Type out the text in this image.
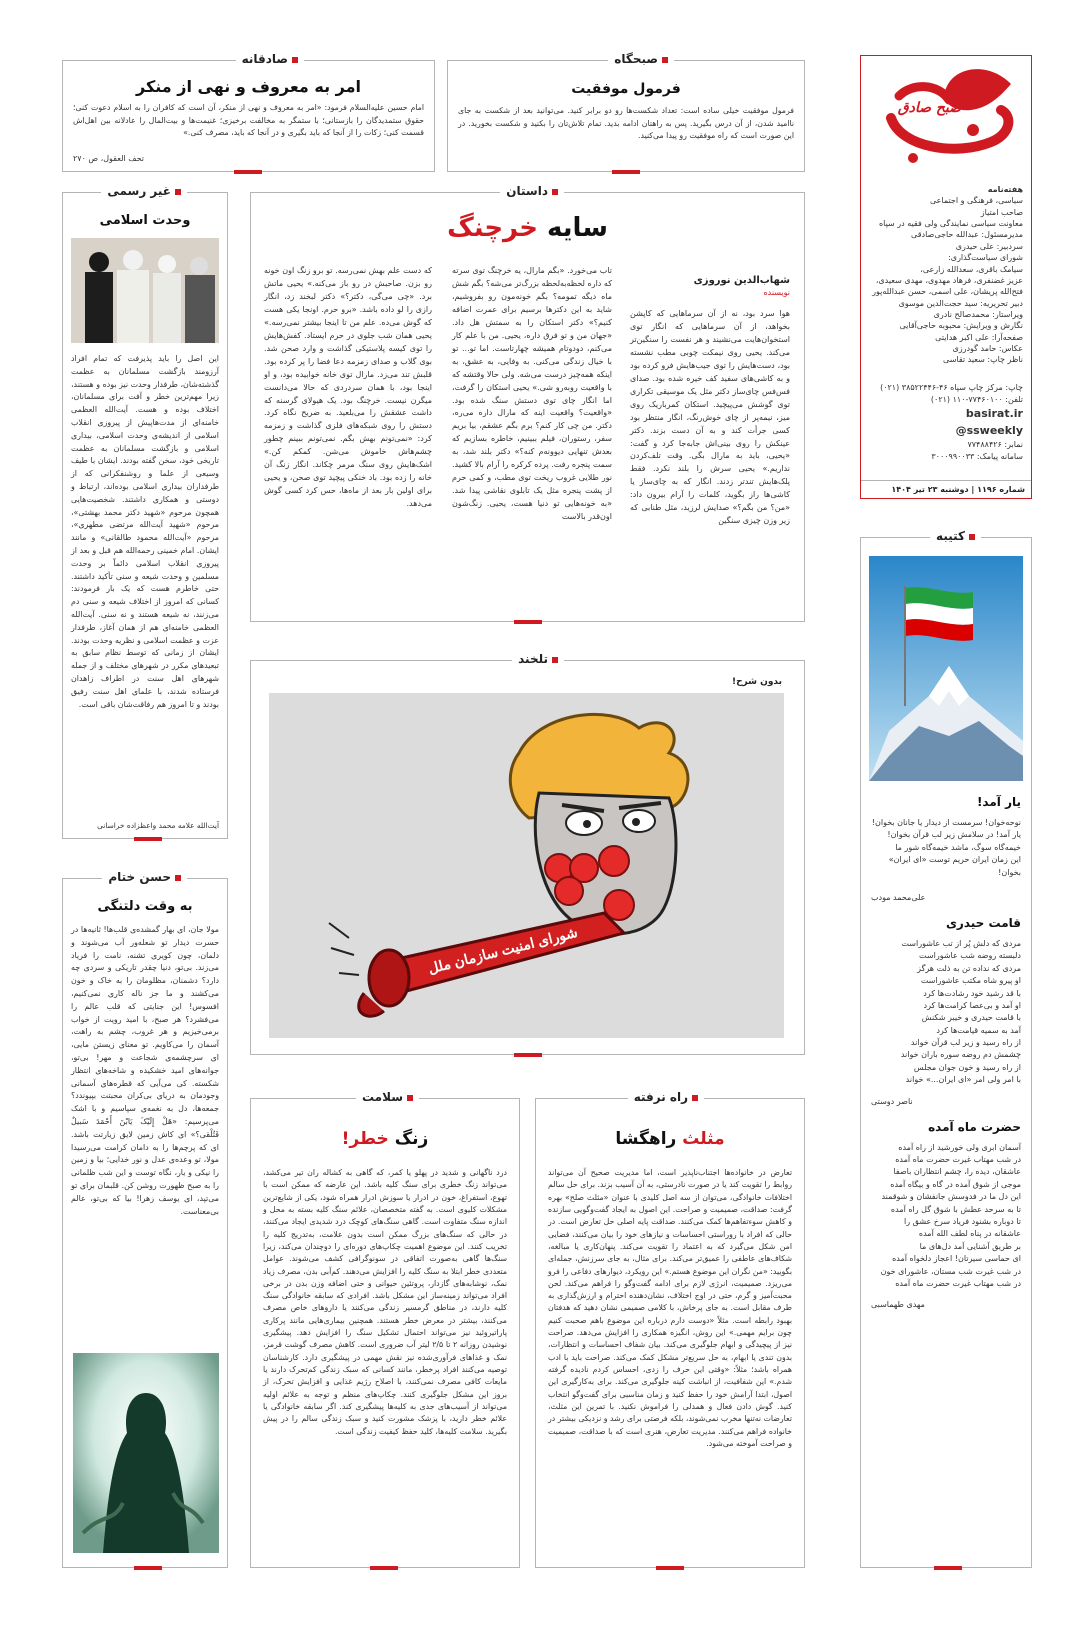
صبح صادق
هفته‌نامه
سیاسی، فرهنگی و اجتماعی
صاحب امتیاز
معاونت سیاسی نمایندگی ولی فقیه در سپاه
مدیرمسئول: عبدالله حاجی‌صادقی
سردبیر: علی حیدری
شورای سیاست‌گذاری:
سیامک باقری، سعدالله زارعی،
عزیز غضنفری، فرهاد مهدوی، مهدی سعیدی،
فتح‌الله پریشان، علی اسمی، حسن عبدالله‌پور
دبیر تحریریه: سید حجت‌الدین موسوی
ویراستار: محمدصالح نادری
نگارش و ویرایش: محبوبه حاجی‌آقایی
صفحه‌آرا: علی اکبر هدایتی
عکاس: حامد گودرزی
ناظر چاپ: سعید تقاسی
چاپ: مرکز چاپ سپاه ۴۶-۳۸۵۲۲۴۴۶ (۰۲۱)
تلفن: ۷۷۴۶۰۱۰۰-۱۱۰ (۰۲۱)
basirat.ir
@ssweekly
نمابر: ۷۷۴۸۸۴۲۶
سامانه پیامک: ۳۰۰۰۹۹۰۰۳۳
شماره ۱۱۹۶ | دوشنبه ۲۳ تیر ۱۴۰۴
صبحگاه
فرمول موفقیت
فرمول موفقیت خیلی ساده است: تعداد شکست‌ها رو دو برابر کنید. می‌توانید بعد از شکست به جای ناامید شدن، از آن درس بگیرید. پس به راهتان ادامه بدید. تمام تلاش‌تان را بکنید و شکست بخورید. در این صورت است که راه موفقیت رو پیدا می‌کنید.
صادقانه
امر به معروف و نهی از منکر
امام حسین علیه‌السلام فرمود: «امر به معروف و نهی از منکر، آن است که کافران را به اسلام دعوت کنی؛ حقوق ستمدیدگان را بازستانی؛ با ستمگر به مخالفت برخیزی؛ غنیمت‌ها و بیت‌المال را عادلانه بین اهل‌اش قسمت کنی؛ زکات را از آنجا که باید بگیری و در آنجا که باید، مصرف کنی.»
تحف العقول، ص ۲۷۰
غیر رسمی
وحدت اسلامی
این اصل را باید پذیرفت که تمام افراد آرزومند بازگشت مسلمانان به عظمت گذشته‌شان، طرفدار وحدت نیز بوده و هستند، زیرا مهم‌ترین خطر و آفت برای مسلمانان، اختلاف بوده و هست. آیت‌الله العظمی خامنه‌ای از مدت‌هاپیش از پیروزی انقلاب اسلامی از اندیشه‌ی وحدت اسلامی، بیداری اسلامی و بازگشت مسلمانان به عظمت تاریخی خود، سخن گفته بودند. ایشان با طیف وسیعی از علما و روشنفکرانی که از طرفداران بیداری اسلامی بوده‌اند، ارتباط و دوستی و همکاری داشتند. شخصیت‌هایی همچون مرحوم «شهید دکتر محمد بهشتی»، مرحوم «شهید آیت‌الله مرتضی مطهری»، مرحوم «آیت‌الله محمود طالقانی» و مانند ایشان. امام خمینی رحمه‌الله هم قبل و بعد از پیروزی انقلاب اسلامی دائماً بر وحدت مسلمین و وحدت شیعه و سنی تأکید داشتند. حتی خاطرم هست که یک بار فرمودند: کسانی که امروز از اختلاف شیعه و سنی دم می‌زنند، نه شیعه هستند و نه سنی. آیت‌الله العظمی خامنه‌ای هم از همان آغاز، طرفدار عزت و عظمت اسلامی و نظریه وحدت بودند. ایشان از زمانی که توسط نظام سابق به تبعیدهای مکرر در شهرهای مختلف و از جمله شهرهای اهل سنت در اطراف زاهدان فرستاده شدند، با علمای اهل سنت رفیق بودند و تا امروز هم رفاقت‌شان باقی است.
آیت‌الله علامه محمد واعظزاده خراسانی
داستان
سایه خرچنگ
شهاب‌الدین نوروزی
نویسنده
هوا سرد بود، نه از آن سرماهایی که کاپشن بخواهد، از آن سرماهایی که انگار توی استخوان‌هایت می‌نشیند و هر نفست را سنگین‌تر می‌کند. یحیی روی نیمکت چوبی مطب نشسته بود، دست‌هایش را توی جیب‌هایش فرو کرده بود و به کاشی‌های سفید کف خیره شده بود. صدای فس‌فس چای‌ساز دکتر مثل یک موسیقی تکراری توی گوشش می‌پیچید. استکان کمرباریک روی میز، نیمه‌پر از چای خوش‌رنگ، انگار منتظر بود کسی جرأت کند و به آن دست بزند. دکتر عینکش را روی بینی‌اش جابه‌جا کرد و گفت: «یحیی، باید به مارال بگی. وقت تلف‌کردن نداریم.» یحیی سرش را بلند نکرد. فقط پلک‌هایش تندتر زدند. انگار که به چای‌ساز یا کاشی‌ها راز بگوید، کلمات را آرام بیرون داد: «من؟ من بگم؟» صدایش لرزید، مثل طنابی که زیر وزن چیزی سنگین
تاب می‌خورد. «بگم مارال، یه خرچنگ توی سرته که داره لحظه‌به‌لحظه بزرگ‌تر می‌شه؟ بگم شش ماه دیگه تمومه؟ بگم خونه‌مون رو بفروشیم، شاید به این دکتر‌ها برسیم برای عمرت اضافه کنیم؟» دکتر استکان را به سمتش هل داد. «جهان من و تو فرق داره، یحیی. من با علم کار می‌کنم، دودوتا‌م همیشه چهارتاست. اما تو... تو با خیال زندگی می‌کنی. به وفایی، به عشق، به اینکه همه‌چیز درست می‌شه. ولی حالا وقتشه که با واقعیت روبه‌رو شی.» یحیی استکان را گرفت، اما انگار چای توی دستش سنگ شده بود. «واقعیت؟ واقعیت اینه که مارال داره می‌ره، دکتر. من چی کار کنم؟ برم بگم عشقم، بیا بریم سفر، رستوران، فیلم ببینیم، خاطره بسازیم که بعدش تنهایی دیوونه‌م کنه؟» دکتر بلند شد، به سمت پنجره رفت. پرده کرکره را آرام بالا کشید. نور طلایی غروب ریخت توی مطب، و کمی حرم از پشت پنجره مثل یک تابلوی نقاشی پیدا شد. «به خونه‌هایی تو دنیا هست، یحیی. زنگ‌شون اون‌قدر بالاست
که دست علم بهش نمی‌رسه. تو برو زنگ اون خونه رو بزن. صاحبش در رو باز می‌کنه.» یحیی ماتش برد. «چی می‌گی، دکتر؟» دکتر لبخند زد، انگار رازی را لو داده باشد. «برو حرم. اونجا یکی هست که گوش می‌ده. علم من تا اینجا بیشتر نمی‌رسه.» یحیی همان شب جلوی در حرم ایستاد. کفش‌هایش را توی کیسه پلاستیکی گذاشت و وارد صحن شد. بوی گلاب و صدای زمزمه دعا فضا را پر کرده بود. قلبش تند می‌زد. مارال توی خانه خوابیده بود، و او اینجا بود، با همان سردردی که حالا می‌دانست میگرن نیست. خرچنگ بود. یک هیولای گرسنه که داشت عشقش را می‌بلعید. به ضریح نگاه کرد. دستش را روی شبکه‌های فلزی گذاشت و زمزمه کرد: «نمی‌تونم بهش بگم. نمی‌تونم ببینم چطور چشم‌هاش خاموش می‌شن. کمکم کن.» اشک‌هایش روی سنگ مرمر چکاند. انگار زنگ آن خانه را زده بود. باد خنکی پیچید توی صحن، و یحیی برای اولین بار بعد از ماه‌ها، حس کرد کسی گوش می‌دهد.
تلخند
بدون شرح!
شورای امنیت سازمان ملل
حسن ختام
به وقت دلتنگی
مولا جان، ای بهار گمشده‌ی قلب‌ها! ثانیه‌ها در حسرت دیدار تو شعله‌ور آب می‌شوند و دلمان، چون کویری تشنه، نامت را فریاد می‌زند. بی‌تو، دنیا چقدر تاریکی و سردی چه دارد؟ دشمنان، مظلومان را به خاک و خون می‌کشند و ما جز ناله کاری نمی‌کنیم، افسوس! این جنایتی که قلب عالم را می‌فشرد؟ هر صبح، با امید رویت از خواب برمی‌خیزیم و هر غروب، چشم به راهت، آسمان را می‌کاویم. تو معنای زیستن مایی، ای سرچشمه‌ی شجاعت و مهر! بی‌تو، جوانه‌های امید خشکیده و شاخه‌های انتظار شکسته. کی می‌آیی که قطره‌های آسمانی وجودمان به دریای بی‌کران محبتت بپیوندد؟ جمعه‌ها، دل به نغمه‌ی سپاسیم و با اشک می‌پرسیم: «هَلْ إِلَیْکَ یَابْنَ أَحْمَدَ سَبیلٌ فَتُلْقی؟» ای کاش زمین لایق زیارتت باشد. ای که پرچم‌ها را به دامان کرامت می‌رسیدا مولا، تو وعده‌ی عدل و نور خدایی؛ بیا و زمین را نیکی و یار، نگاه توست و این شب ظلمانی را به صبح ظهورت روشن کن. قلبمان برای تو می‌تپد، ای یوسف زهرا! بیا که بی‌تو، عالم بی‌معناست.
راه نرفته
مثلث راهگشا
تعارض در خانواده‌ها اجتناب‌ناپذیر است، اما مدیریت صحیح آن می‌تواند روابط را تقویت کند یا در صورت نادرستی، به آن آسیب بزند. برای حل سالم اختلافات خانوادگی، می‌توان از سه اصل کلیدی با عنوان «مثلث صلح» بهره گرفت: صداقت، صمیمیت و صراحت. این اصول به ایجاد گفت‌وگویی سازنده و کاهش سوءتفاهم‌ها کمک می‌کنند. صداقت پایه اصلی حل تعارض است. در حالی که افراد با روراستی احساسات و نیازهای خود را بیان می‌کنند، فضایی امن شکل می‌گیرد که به اعتماد را تقویت می‌کند. پنهان‌کاری یا مبالغه، شکاف‌های عاطفی را عمیق‌تر می‌کند. برای مثال، به جای سرزنش، جمله‌ای بگویید: «من نگران این موضوع هستم.» این رویکرد، دیوارهای دفاعی را فرو می‌ریزد. صمیمیت، انرژی لازم برای ادامه گفت‌وگو را فراهم می‌کند. لحن محبت‌آمیز و گرم، حتی در اوج اختلاف، نشان‌دهنده احترام و ارزش‌گذاری به طرف مقابل است. به جای پرخاش، با کلامی صمیمی نشان دهید که هدفتان بهبود رابطه است. مثلاً «دوست دارم درباره این موضوع باهم صحبت کنیم چون برایم مهمی.» این روش، انگیزه همکاری را افزایش می‌دهد. صراحت نیز از پیچیدگی و ابهام جلوگیری می‌کند. بیان شفاف احساسات و انتظارات، بدون تندی یا ابهام، به حل سریع‌تر مشکل کمک می‌کند. صراحت باید با ادب همراه باشد؛ مثلاً: «وقتی این حرف را زدی، احساس کردم نادیده گرفته شدم.» این شفافیت، از انباشت کینه جلوگیری می‌کند. برای به‌کارگیری این اصول، ابتدا آرامش خود را حفظ کنید و زمان مناسبی برای گفت‌وگو انتخاب کنید. گوش دادن فعال و همدلی را فراموش نکنید. با تمرین این مثلث، تعارضات نه‌تنها مخرب نمی‌شوند، بلکه فرصتی برای رشد و نزدیکی بیشتر در خانواده فراهم می‌کنند. مدیریت تعارض، هنری است که با صداقت، صمیمیت و صراحت آموخته می‌شود.
سلامت
زنگ خطر!
درد ناگهانی و شدید در پهلو یا کمر، که گاهی به کشاله ران تیر می‌کشد، می‌تواند زنگ خطری برای سنگ کلیه باشد. این عارضه که ممکن است با تهوع، استفراغ، خون در ادرار یا سوزش ادرار همراه شود، یکی از شایع‌ترین مشکلات کلیوی است. به گفته متخصصان، علائم سنگ کلیه بسته به محل و اندازه سنگ متفاوت است. گاهی سنگ‌های کوچک درد شدیدی ایجاد می‌کنند، در حالی که سنگ‌های بزرگ ممکن است بدون علامت، به‌تدریج کلیه را تخریب کنند. این موضوع اهمیت چکاپ‌های دوره‌ای را دوچندان می‌کند، زیرا سنگ‌ها گاهی به‌صورت اتفاقی در سونوگرافی کشف می‌شوند. عوامل متعددی خطر ابتلا به سنگ کلیه را افزایش می‌دهند. کم‌آبی بدن، مصرف زیاد نمک، نوشابه‌های گازدار، پروتئین حیوانی و حتی اضافه وزن بدن در برخی افراد می‌تواند زمینه‌ساز این مشکل باشد. افرادی که سابقه خانوادگی سنگ کلیه دارند، در مناطق گرمسیر زندگی می‌کنند یا داروهای خاص مصرف می‌کنند، بیشتر در معرض خطر هستند. همچنین بیماری‌هایی مانند پرکاری پاراتیروئید نیز می‌تواند احتمال تشکیل سنگ را افزایش دهد. پیشگیری نوشیدن روزانه ۲ تا ۲/۵ لیتر آب ضروری است. کاهش مصرف گوشت قرمز، نمک و غذاهای فرآوری‌شده نیز نقش مهمی در پیشگیری دارد. کارشناسان توصیه می‌کنند افراد پرخطر، مانند کسانی که سبک زندگی کم‌تحرک دارند یا مایعات کافی مصرف نمی‌کنند، با اصلاح رژیم غذایی و افزایش تحرک، از بروز این مشکل جلوگیری کنند. چکاپ‌های منظم و توجه به علائم اولیه می‌تواند از آسیب‌های جدی به کلیه‌ها پیشگیری کند. اگر سابقه خانوادگی یا علائم خطر دارید، با پزشک مشورت کنید و سبک زندگی سالم را در پیش بگیرید. سلامت کلیه‌ها، کلید حفظ کیفیت زندگی است.
کتیبه
یار آمد!
نوحه‌خوان! سرمست از دیدار یا جانان بخوان!
یار آمد! در سلامش زیر لب قرآن بخوان!
خیمه‌گاه سوگ، ماشد خیمه‌گاه شور ما
این زمان ایران حریم توست «ای ایران» بخوان!
علی‌محمد مودب
قامت حیدری
مردی که دلش پُر از تب عاشوراست
دلبسته روضه شب عاشوراست
مردی که نداده تن به ذلت هرگز
او پیرو شاه مکتب عاشوراست
با قد رشید خود رشادت‌ها کرد
او آمد و بی‌عصا کرامت‌ها کرد
با قامت حیدری و خیبر شکنش
آمد به سمیه قیامت‌ها کرد
از راه رسید و زیر لب قرآن خواند
چشمش دم روضه سوره باران خواند
از راه رسید و خون جوان مجلس
با امر ولی امر «ای ایران...» خواند
ناصر دوستی
حضرت ماه آمده
آسمان ابری ولی خورشید از راه آمده
در شب مهتاب غیرت حضرت ماه آمده
عاشقان، دیده را، چشم انتظاران باصفا
موجی از شوق آمده در گاه و بیگاه آمده
این دل ما در فدوسش جانفشان و شوقمند
تا به سرحد عطش با شوق گل راه آمده
تا دوباره بشنود فریاد سرخ عشق را
عاشقانه در پناه لطف الله آمده
بر طریق آشنایی آمد دل‌های ما
ای حماسی سیرتان! اعجاز دلخواه آمده
در شب غیرت شب مستان، عاشورای خون
در شب مهتاب غیرت حضرت ماه آمده
مهدی طهماسبی
